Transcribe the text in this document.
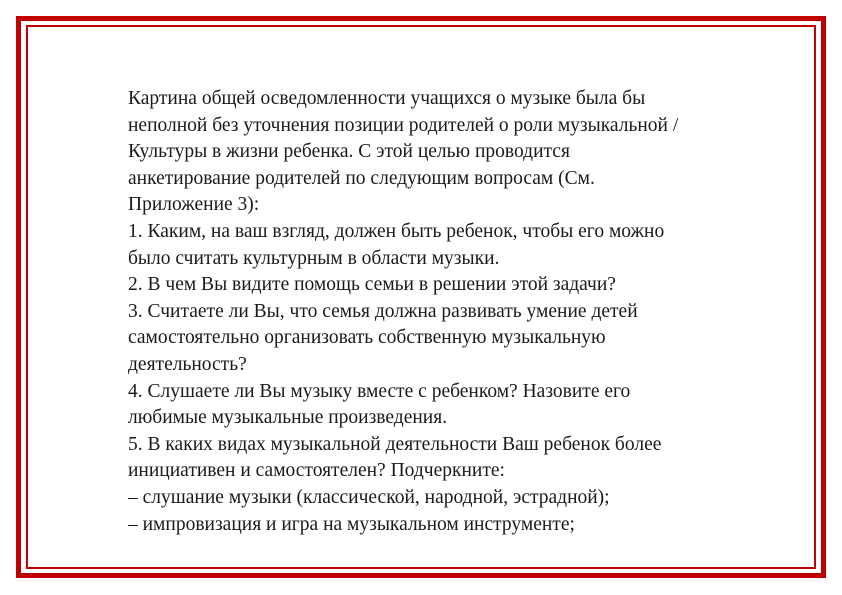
Картина общей осведомленности учащихся о музыке была бы

неполной без уточнения позиции родителей о роли музыкальной /

Культуры в жизни ребенка. С этой целью проводится

анкетирование родителей по следующим вопросам (См.

Приложение 3):

1. Каким, на ваш взгляд, должен быть ребенок, чтобы его можно

было считать культурным в области музыки.

2. В чем Вы видите помощь семьи в решении этой задачи?

3. Считаете ли Вы, что семья должна развивать умение детей

самостоятельно организовать собственную музыкальную

деятельность?

4. Слушаете ли Вы музыку вместе с ребенком? Назовите его

любимые музыкальные произведения.

5. В каких видах музыкальной деятельности Ваш ребенок более

инициативен и самостоятелен? Подчеркните:

– слушание музыки (классической, народной, эстрадной);

– импровизация и игра на музыкальном инструменте;
